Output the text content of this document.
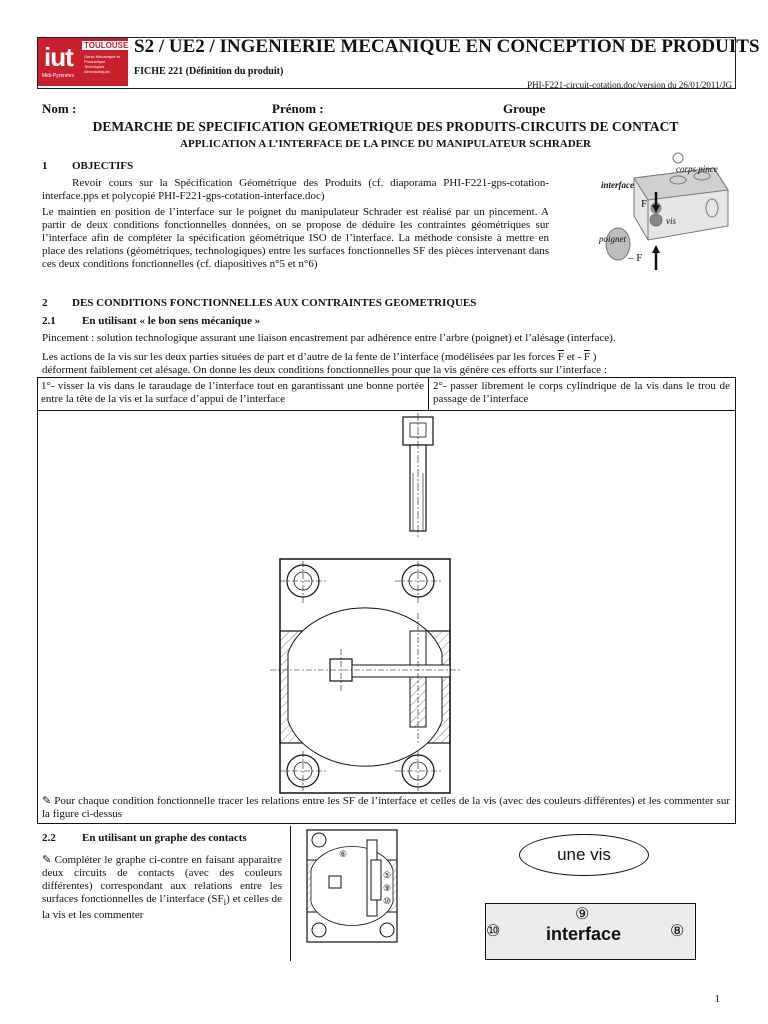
iut TOULOUSE
Génie Mécanique et Productique Techniques Aéronautiques
Midi-Pyrénées
S2 / UE2 / INGENIERIE MECANIQUE EN CONCEPTION DE PRODUITS
FICHE 221 (Définition du produit)
PHI-F221-circuit-cotation.doc/version du 26/01/2011/JG
Nom :	Prénom :	Groupe
DEMARCHE DE SPECIFICATION GEOMETRIQUE DES PRODUITS-CIRCUITS DE CONTACT
APPLICATION A L’INTERFACE DE LA PINCE DU MANIPULATEUR SCHRADER
1 OBJECTIFS
Revoir cours sur la Spécification Géométrique des Produits (cf. diaporama PHI-F221-gps-cotation-interface.pps et polycopié PHI-F221-gps-cotation-interface.doc)
Le maintien en position de l’interface sur le poignet du manipulateur Schrader est réalisé par un pincement. A partir de deux conditions fonctionnelles données, on se propose de déduire les contraintes géométriques sur l’interface afin de compléter la spécification géométrique ISO de l’interface. La méthode consiste à mettre en place des relations (géométriques, technologiques) entre les surfaces fonctionnelles SF des pièces intervenant dans ces deux conditions fonctionnelles (cf. diapositives n°5 et n°6)
corps pince
interface
F
vis
poignet
– F
2 DES CONDITIONS FONCTIONNELLES AUX CONTRAINTES GEOMETRIQUES
2.1 En utilisant « le bon sens mécanique »
Pincement : solution technologique assurant une liaison encastrement par adhérence entre l’arbre (poignet) et l’alésage (interface).
Les actions de la vis sur les deux parties situées de part et d’autre de la fente de l’interface (modélisées par les forces $\overline{F}$ et - $\overline{F}$ )
déforment faiblement cet alésage. On donne les deux conditions fonctionnelles pour que la vis génère ces efforts sur l’interface :
1°- visser la vis dans le taraudage de l’interface tout en garantissant une bonne portée entre la tête de la vis et la surface d’appui de l’interface
2°- passer librement le corps cylindrique de la vis dans le trou de passage de l’interface
✎ Pour chaque condition fonctionnelle tracer les relations entre les SF de l’interface et celles de la vis (avec des couleurs différentes) et les commenter sur la figure ci-dessus
2.2 En utilisant un graphe des contacts
✎ Compléter le graphe ci-contre en faisant apparaitre deux circuits de contacts (avec des couleurs différentes) correspondant aux relations entre les surfaces fonctionnelles de l’interface $(SF_i)$ et celles de la vis et les commenter
⑥
⑤
⑨
⑩
une vis
⑨
⑩	interface	⑧
1
